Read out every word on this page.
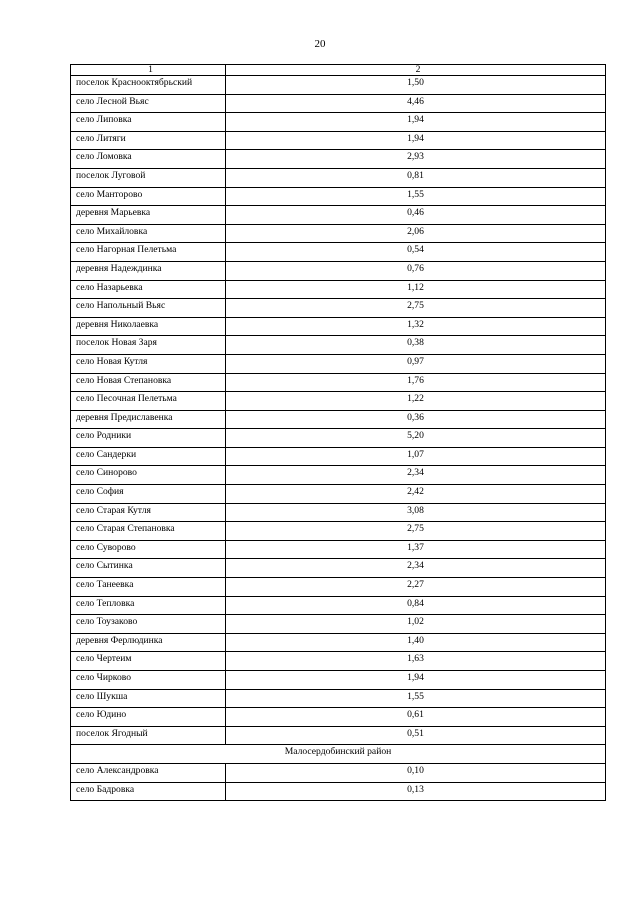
20
1	2
поселок Краснооктябрьский	1,50
село Лесной Вьяс	4,46
село Липовка	1,94
село Литяги	1,94
село Ломовка	2,93
поселок Луговой	0,81
село Манторово	1,55
деревня Марьевка	0,46
село Михайловка	2,06
село Нагорная Пелетьма	0,54
деревня Надеждинка	0,76
село Назарьевка	1,12
село Напольный Вьяс	2,75
деревня Николаевка	1,32
поселок Новая Заря	0,38
село Новая Кутля	0,97
село Новая Степановка	1,76
село Песочная Пелетьма	1,22
деревня Предиславенка	0,36
село Родники	5,20
село Сандерки	1,07
село Синорово	2,34
село София	2,42
село Старая Кутля	3,08
село Старая Степановка	2,75
село Суворово	1,37
село Сытинка	2,34
село Танеевка	2,27
село Тепловка	0,84
село Тоузаково	1,02
деревня Ферлюдинка	1,40
село Чертеим	1,63
село Чирково	1,94
село Шукша	1,55
село Юдино	0,61
поселок Ягодный	0,51
Малосердобинский район	
село Александровка	0,10
село Бадровка	0,13
